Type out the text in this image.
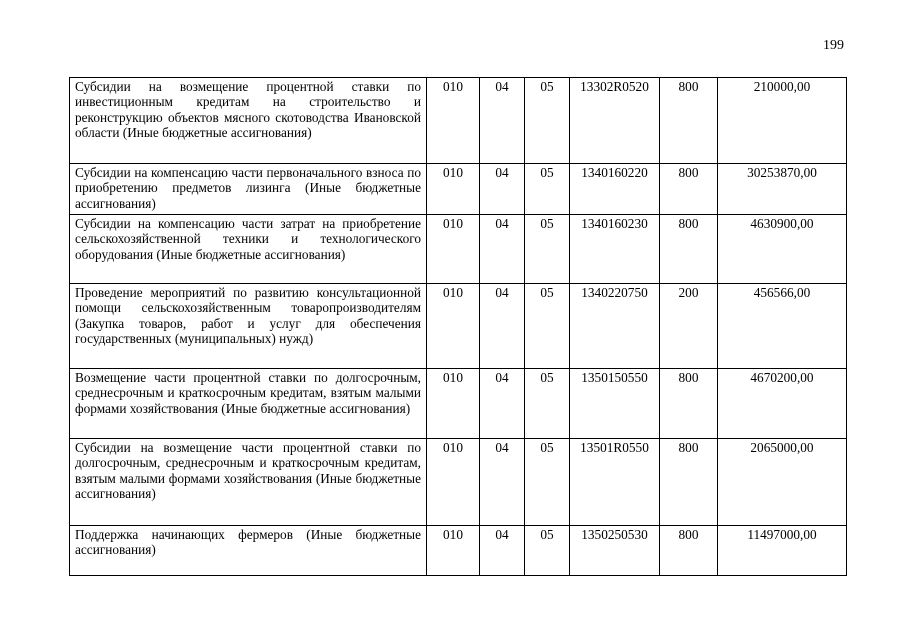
199
Субсидии на возмещение процентной ставки по инвестиционным кредитам на строительство и реконструкцию объектов мясного скотоводства Ивановской области (Иные бюджетные ассигнования)	010	04	05	13302R0520	800	210000,00
Субсидии на компенсацию части первоначального взноса по приобретению предметов лизинга (Иные бюджетные ассигнования)	010	04	05	1340160220	800	30253870,00
Субсидии на компенсацию части затрат на приобретение сельскохозяйственной техники и технологического оборудования (Иные бюджетные ассигнования)	010	04	05	1340160230	800	4630900,00
Проведение мероприятий по развитию консультационной помощи сельскохозяйственным товаропроизводителям (Закупка товаров, работ и услуг для обеспечения государственных (муниципальных) нужд)	010	04	05	1340220750	200	456566,00
Возмещение части процентной ставки по долгосрочным, среднесрочным и краткосрочным кредитам, взятым малыми формами хозяйствования (Иные бюджетные ассигнования)	010	04	05	1350150550	800	4670200,00
Субсидии на возмещение части процентной ставки по долгосрочным, среднесрочным и краткосрочным кредитам, взятым малыми формами хозяйствования (Иные бюджетные ассигнования)	010	04	05	13501R0550	800	2065000,00
Поддержка начинающих фермеров (Иные бюджетные ассигнования)	010	04	05	1350250530	800	11497000,00
